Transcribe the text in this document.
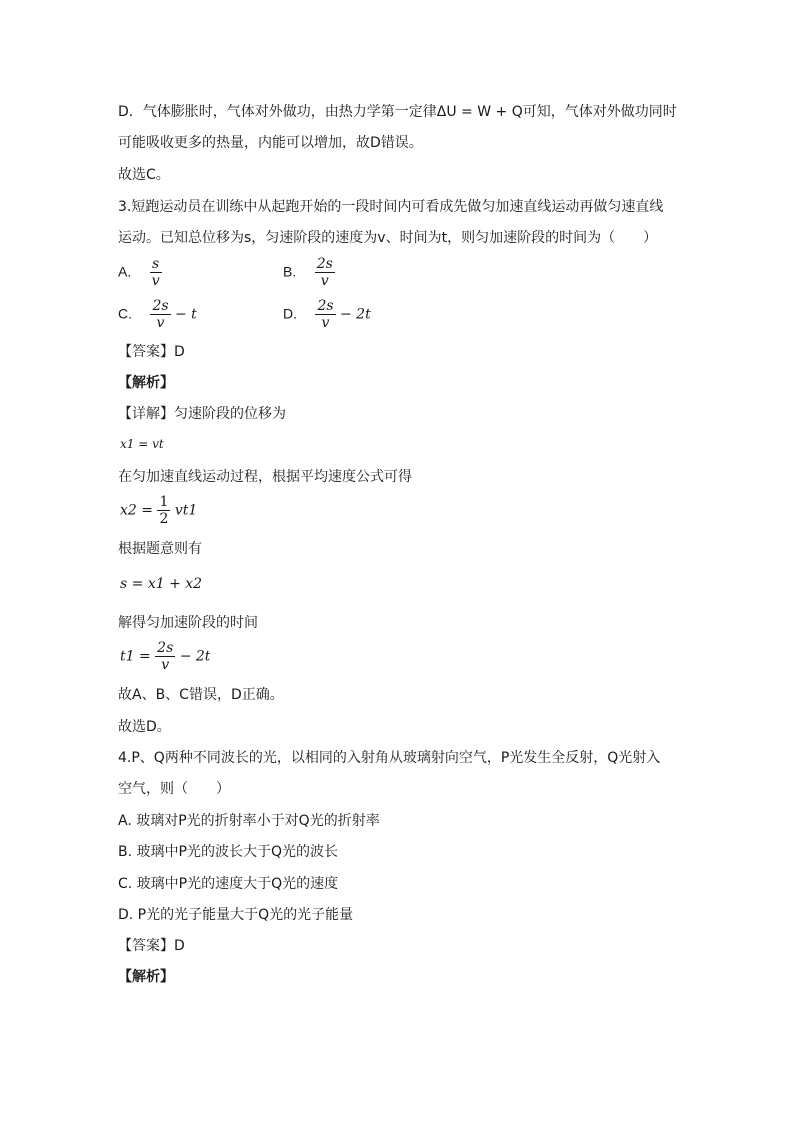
D．气体膨胀时，气体对外做功，由热力学第一定律ΔU = W + Q可知，气体对外做功同时
可能吸收更多的热量，内能可以增加，故D错误。
故选C。
3.短跑运动员在训练中从起跑开始的一段时间内可看成先做匀加速直线运动再做匀速直线
运动。已知总位移为s，匀速阶段的速度为v、时间为t，则匀加速阶段的时间为（　　）
A. $\frac{s}{v}$	B. $\frac{2s}{v}$
C. $\frac{2s}{v} - t$	D. $\frac{2s}{v} - 2t$
【答案】D
【解析】
【详解】匀速阶段的位移为
x1 = vt
在匀加速直线运动过程，根据平均速度公式可得
$x2 = \frac{1}{2} vt1$
根据题意则有
s = x1 + x2
解得匀加速阶段的时间
$t1 = \frac{2s}{v} - 2t$
故A、B、C错误，D正确。
故选D。
4.P、Q两种不同波长的光，以相同的入射角从玻璃射向空气，P光发生全反射，Q光射入
空气，则（　　）
A. 玻璃对P光的折射率小于对Q光的折射率
B. 玻璃中P光的波长大于Q光的波长
C. 玻璃中P光的速度大于Q光的速度
D. P光的光子能量大于Q光的光子能量
【答案】D
【解析】
